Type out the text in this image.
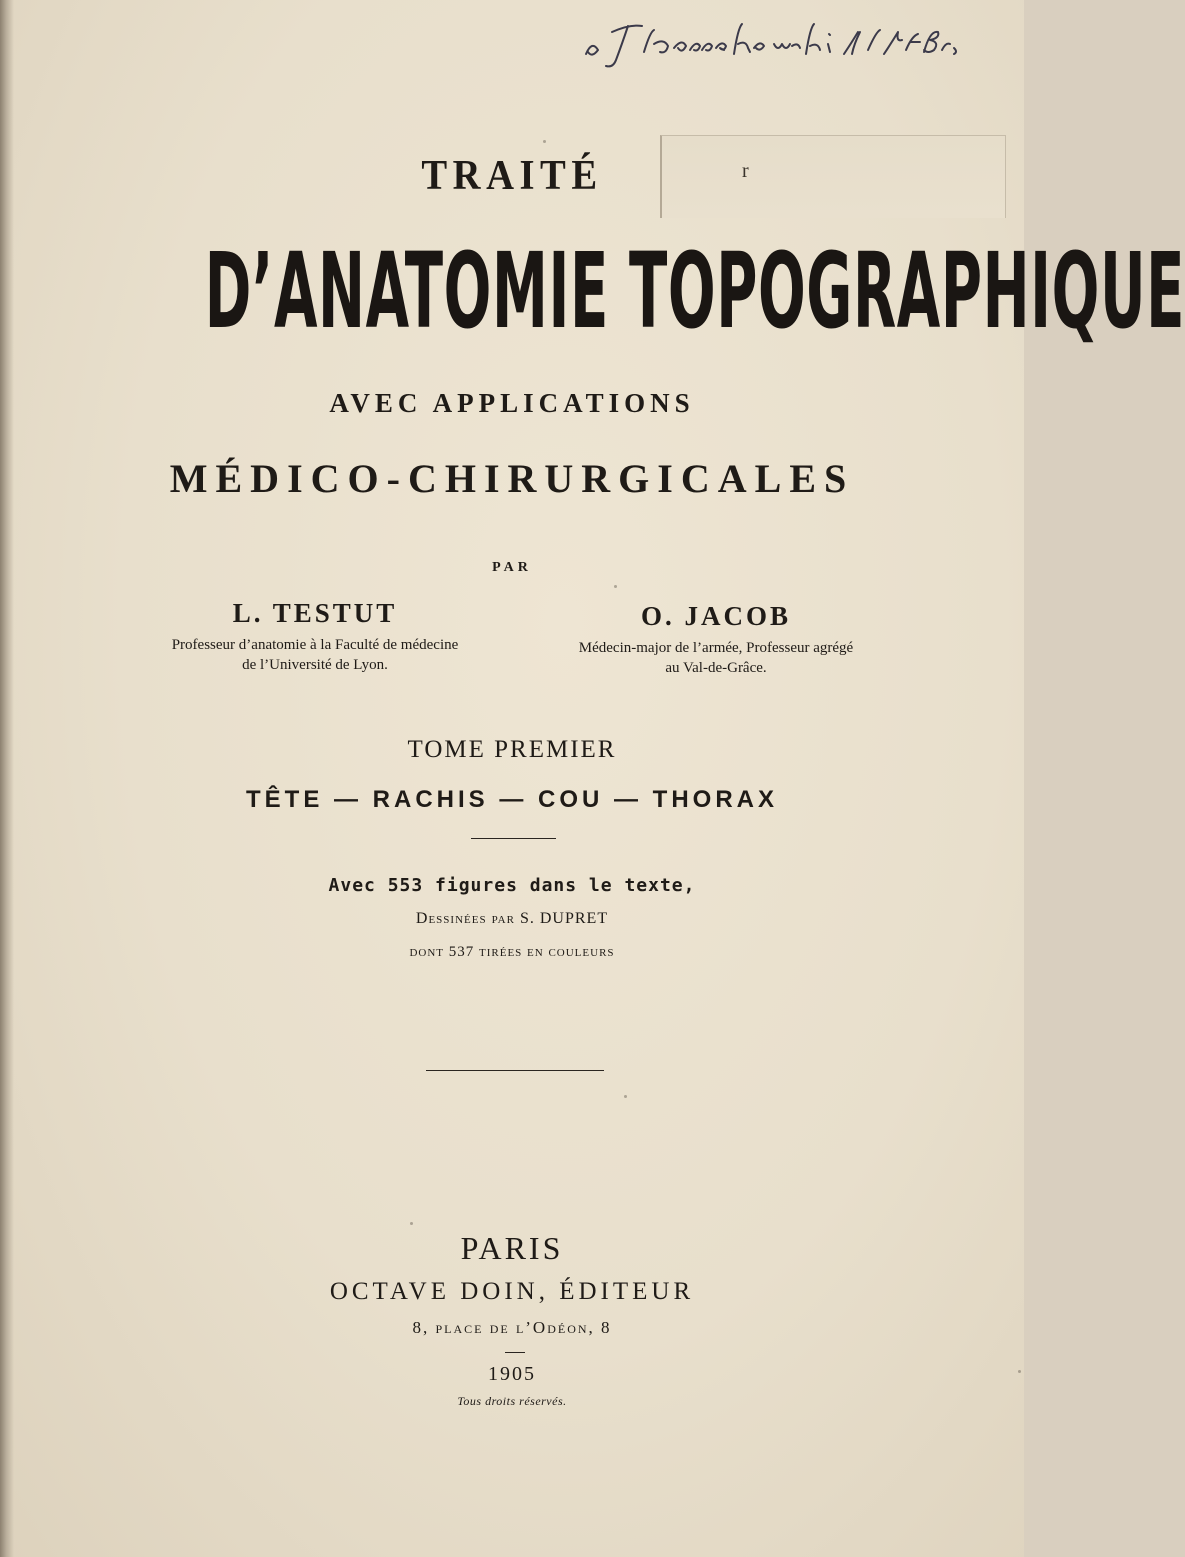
r
TRAITÉ
D’ANATOMIE TOPOGRAPHIQUE
AVEC APPLICATIONS
MÉDICO-CHIRURGICALES
PAR
L. TESTUT
Professeur d’anatomie à la Faculté de médecine
de l’Université de Lyon.
O. JACOB
Médecin-major de l’armée, Professeur agrégé
au Val-de-Grâce.
TOME PREMIER
TÊTE — RACHIS — COU — THORAX
Avec 553 figures dans le texte,
Dessinées par S. DUPRET
dont 537 tirées en couleurs
PARIS
OCTAVE DOIN, ÉDITEUR
8, place de l’Odéon, 8
1905
Tous droits réservés.
